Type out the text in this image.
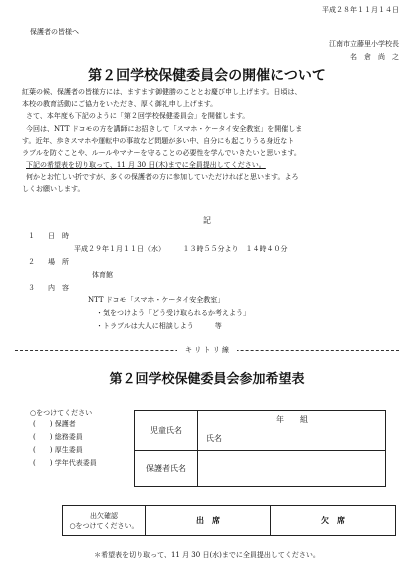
平成２８年１１月１４日
保護者の皆様へ
江南市立藤里小学校長
名　倉　尚　之
第２回学校保健委員会の開催について
紅葉の候、保護者の皆様方には、ますます御健勝のこととお慶び申し上げます。日頃は、
本校の教育活動にご協力をいただき、厚く御礼申し上げます。
さて、本年度も下記のように「第２回学校保健委員会」を開催します。
今回は、NTT ドコモの方を講師にお招きして「スマホ・ケータイ安全教室」を開催しま
す。近年、歩きスマホや運転中の事故など問題が多い中、自分にも起こりうる身近なト
ラブルを防ぐことや、ルールやマナーを守ることの必要性を学んでいきたいと思います。
下記の希望表を切り取って、11 月 30 日(木)までに全員提出してください。
何かとお忙しい折ですが、多くの保護者の方に参加していただければと思います。よろ
しくお願いします。
記
１ 日　時
平成２９年１月１１日（水）　　　１３時５５分より　１４時４０分
２ 場　所
体育館
３ 内　容
NTT ドコモ「スマホ・ケータイ安全教室」
・気をつけよう「どう受け取られるか考えよう」
・トラブルは大人に相談しよう　　　等
キ リ ト リ 線
第２回学校保健委員会参加希望表
○をつけてください
(　　) 保護者
(　　) 総務委員
(　　) 厚生委員
(　　) 学年代表委員
児童氏名	年　　組
氏名

保護者氏名	
出欠確認
○をつけてください。
	出　席	欠　席
＊希望表を切り取って、11 月 30 日(水)までに全員提出してください。
